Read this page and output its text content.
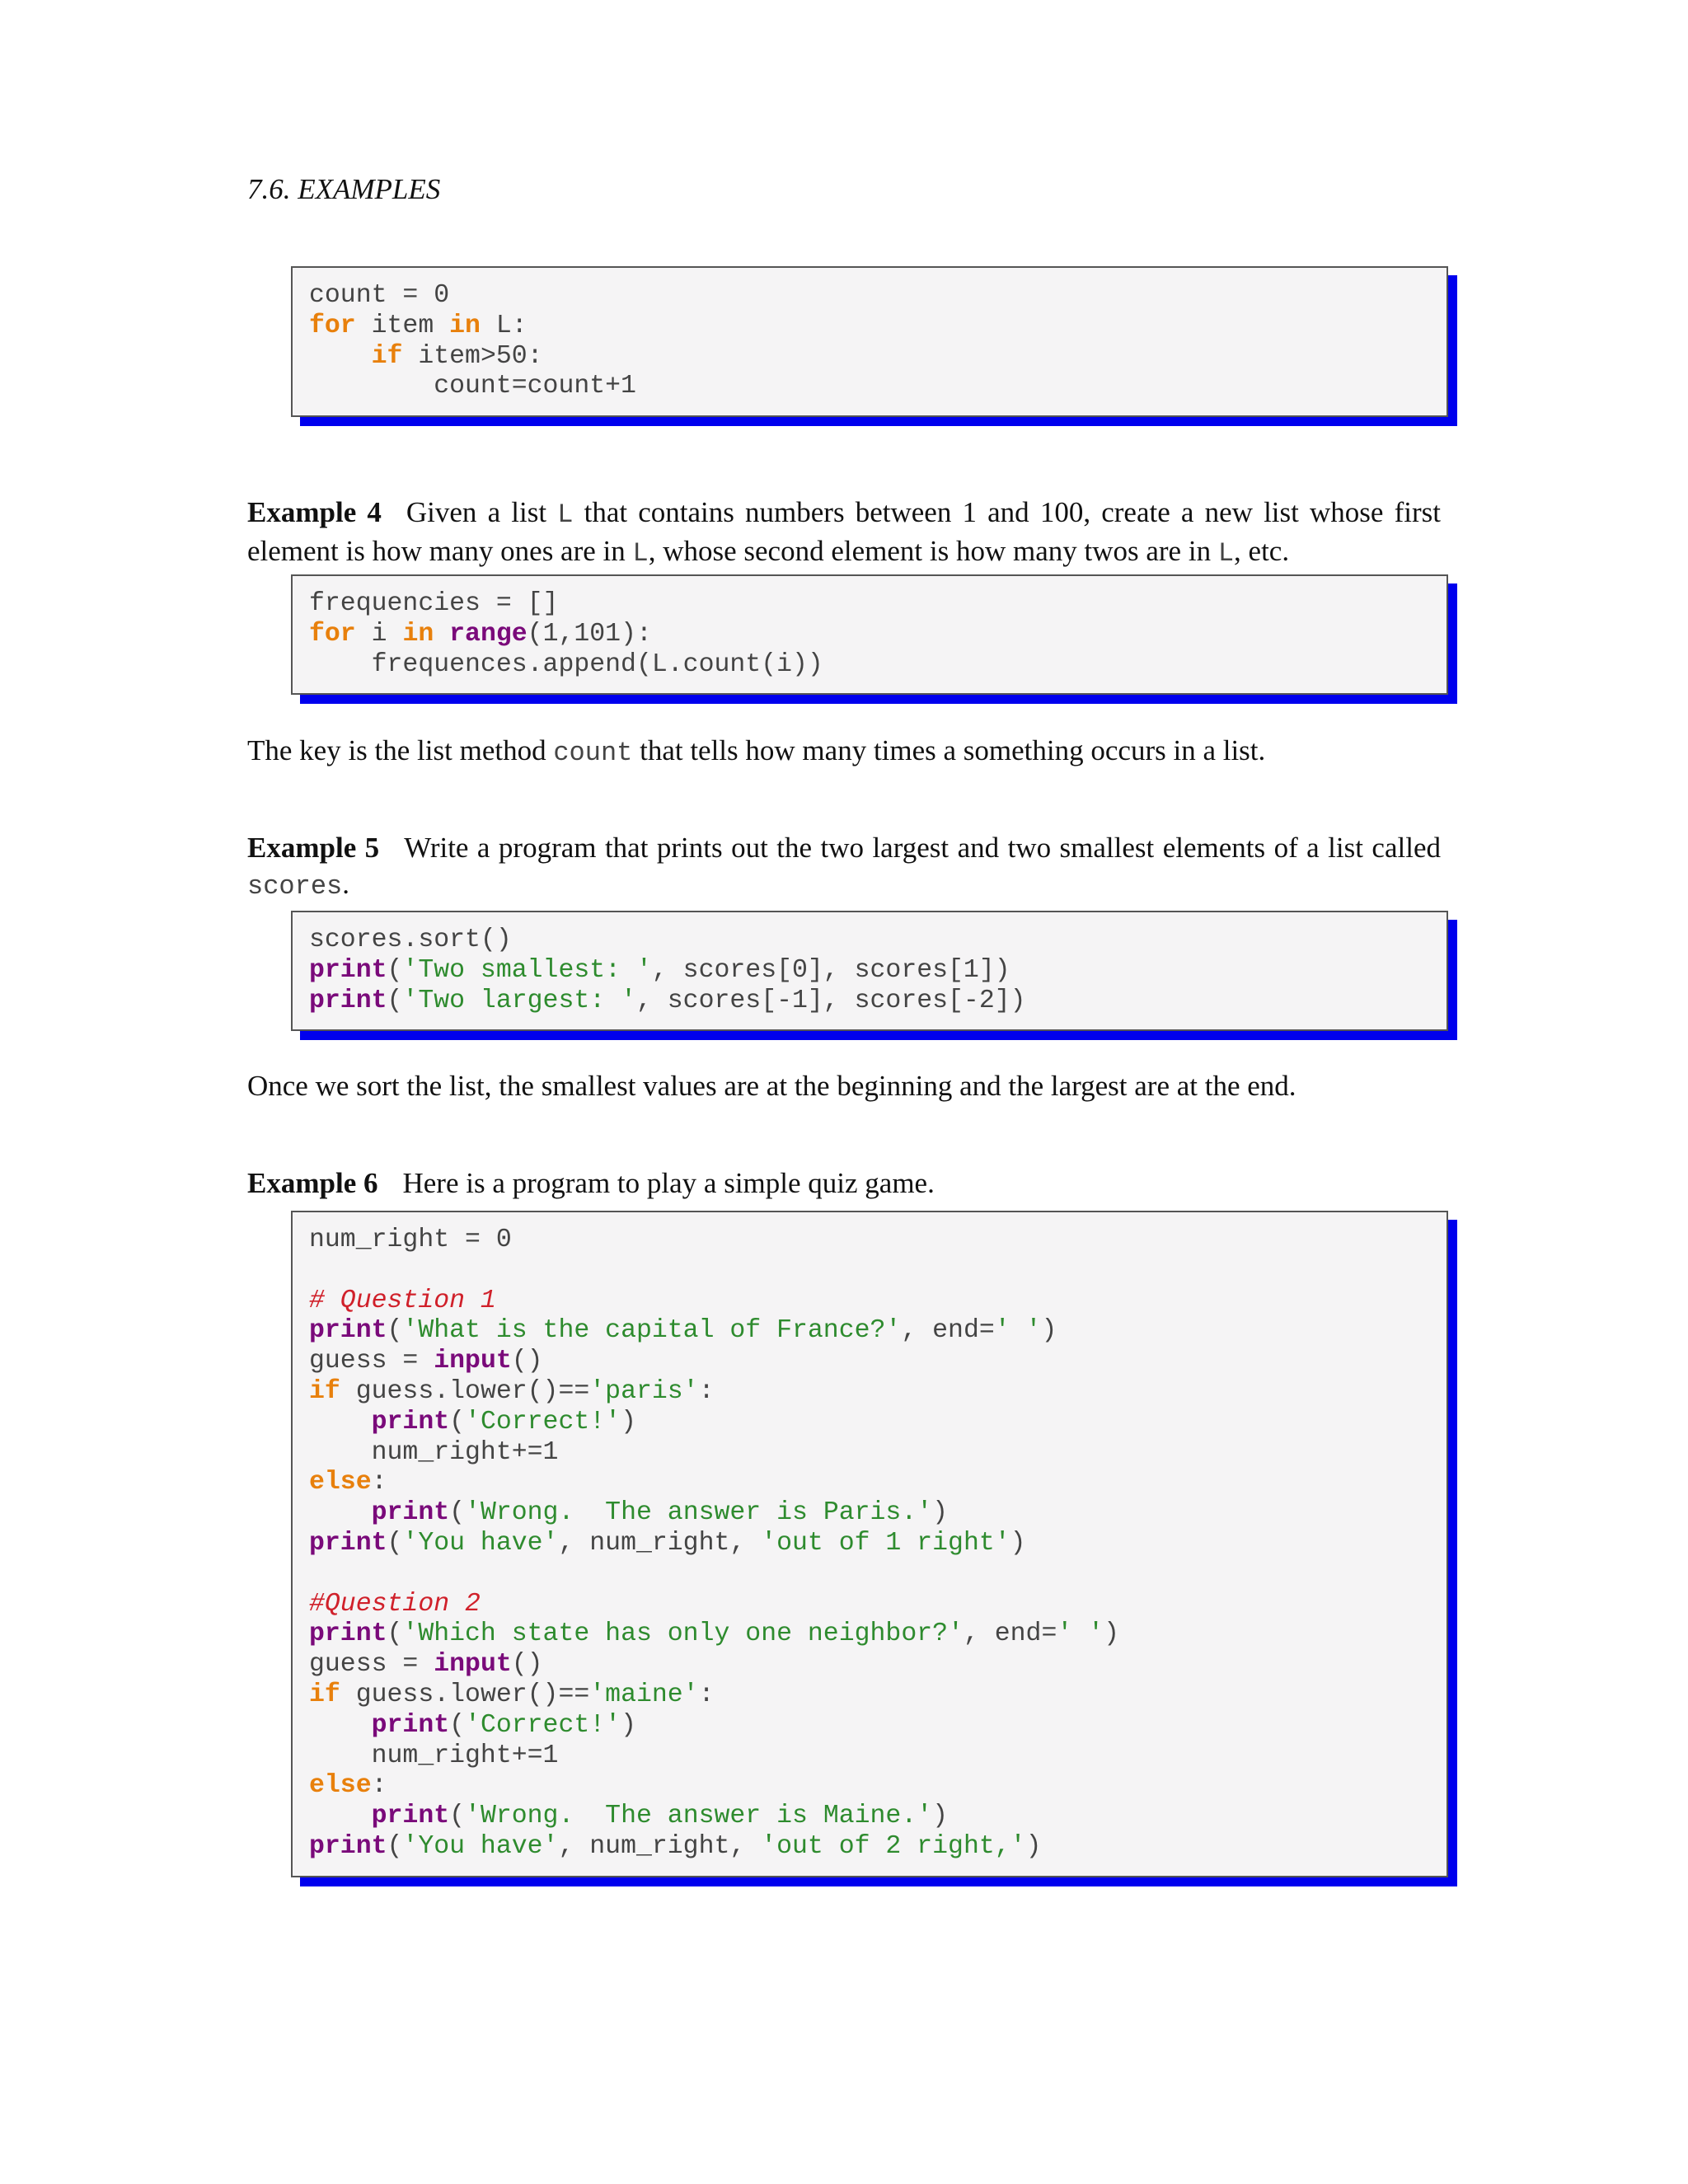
7.6. EXAMPLES
count = 0
for item in L:
if item>50:
count=count+1

Example 4 Given a list L that contains numbers between 1 and 100, create a new list whose first element is how many ones are in L, whose second element is how many twos are in L, etc.

frequencies = []
for i in range(1,101):
frequences.append(L.count(i))

The key is the list method count that tells how many times a something occurs in a list.

Example 5 Write a program that prints out the two largest and two smallest elements of a list called scores.

scores.sort()
print('Two smallest: ', scores[0], scores[1])
print('Two largest: ', scores[-1], scores[-2])

Once we sort the list, the smallest values are at the beginning and the largest are at the end.

Example 6 Here is a program to play a simple quiz game.

num_right = 0

# Question 1
print('What is the capital of France?', end=' ')
guess = input()
if guess.lower()=='paris':
print('Correct!')
num_right+=1
else:
print('Wrong.  The answer is Paris.')
print('You have', num_right, 'out of 1 right')

#Question 2
print('Which state has only one neighbor?', end=' ')
guess = input()
if guess.lower()=='maine':
print('Correct!')
num_right+=1
else:
print('Wrong.  The answer is Maine.')
print('You have', num_right, 'out of 2 right,')
